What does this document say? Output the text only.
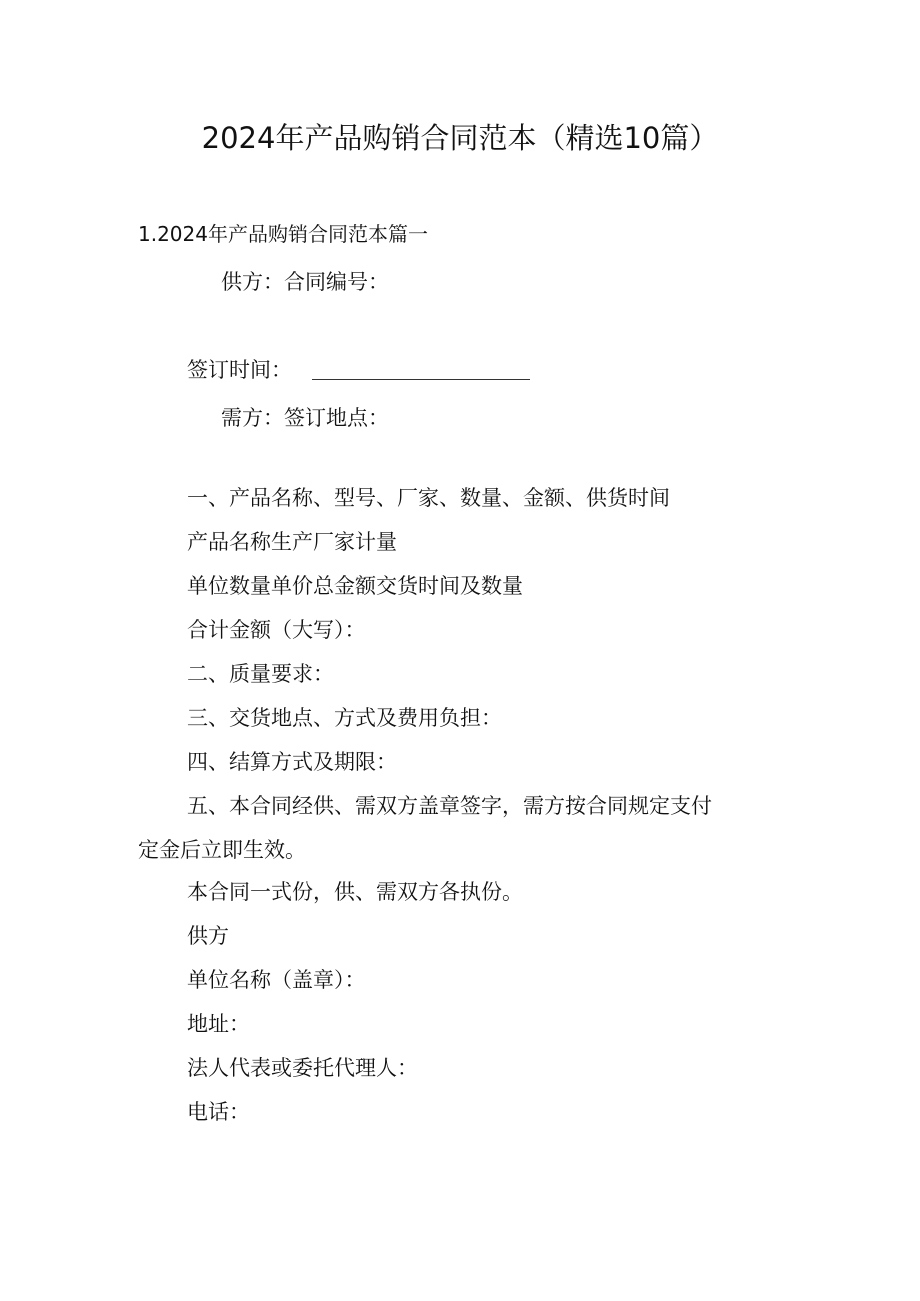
2024年产品购销合同范本（精选10篇）

1.2024年产品购销合同范本篇一

供方：合同编号：

签订时间：

需方：签订地点：

一、产品名称、型号、厂家、数量、金额、供货时间

产品名称生产厂家计量

单位数量单价总金额交货时间及数量

合计金额（大写）：

二、质量要求：

三、交货地点、方式及费用负担：

四、结算方式及期限：

五、本合同经供、需双方盖章签字，需方按合同规定支付

定金后立即生效。

本合同一式份，供、需双方各执份。

供方

单位名称（盖章）：

地址：

法人代表或委托代理人：

电话：
